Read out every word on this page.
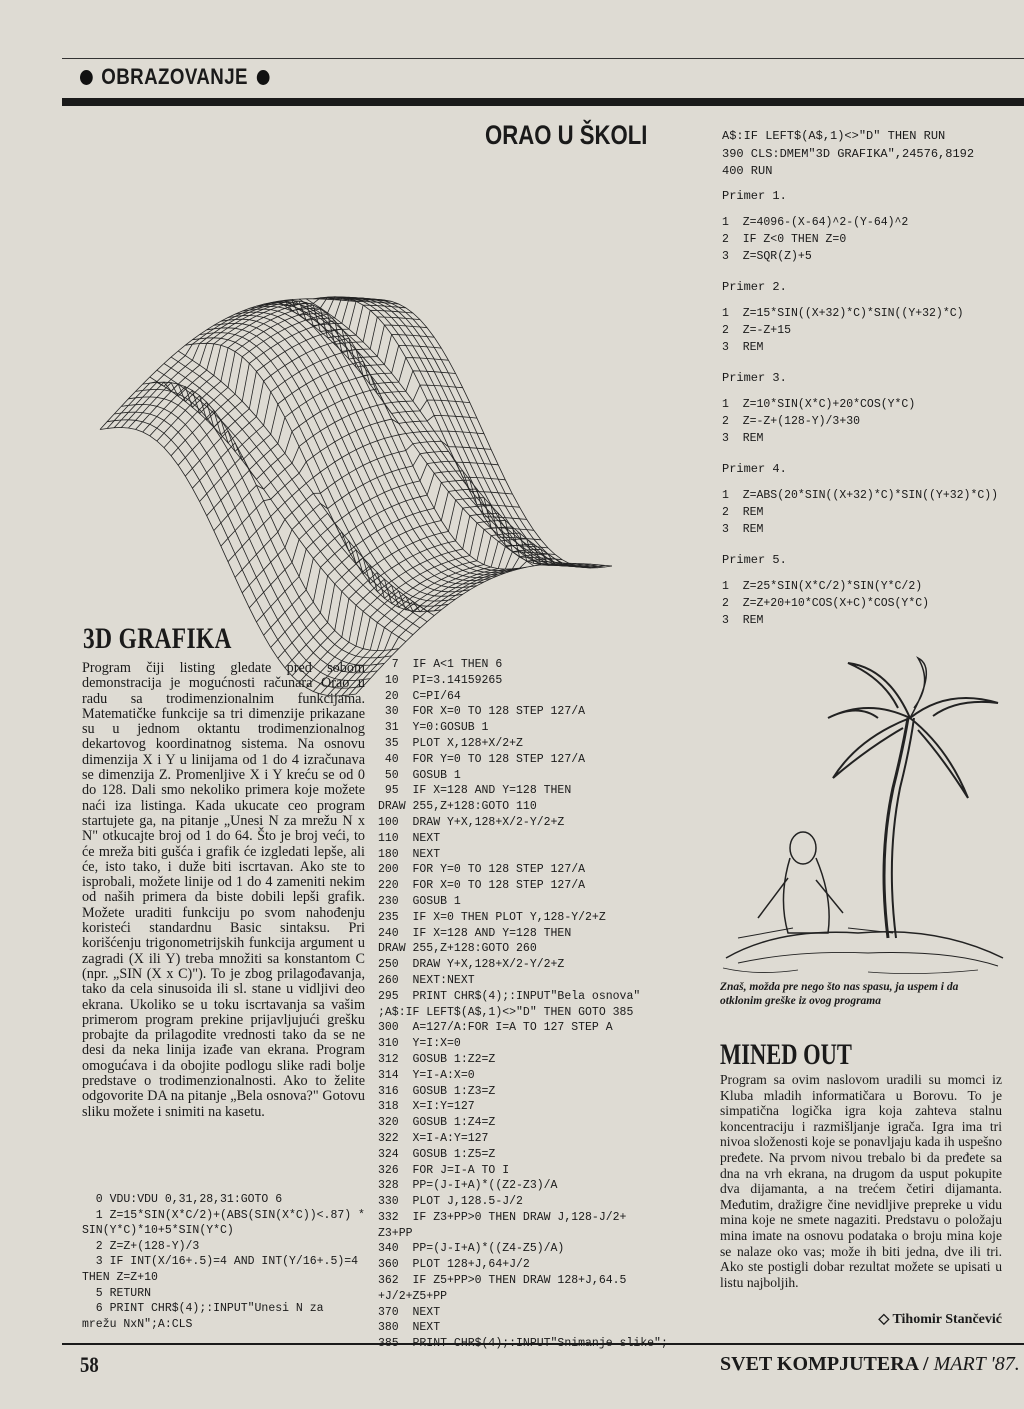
OBRAZOVANJE
ORAO U ŠKOLI
3D GRAFIKA
Program čiji listing gledate pred sobom demonstracija je mogućnosti računara Orao u radu sa trodimenzionalnim funkcijama. Matematičke funkcije sa tri dimenzije prikazane su u jednom oktantu trodimenzionalnog dekartovog koordinatnog sistema. Na osnovu dimenzija X i Y u linijama od 1 do 4 izračunava se dimenzija Z. Promenljive X i Y kreću se od 0 do 128. Dali smo nekoliko primera koje možete naći iza listinga. Kada ukucate ceo program startujete ga, na pitanje „Unesi N za mrežu N x N" otkucajte broj od 1 do 64. Što je broj veći, to će mreža biti gušća i grafik će izgledati lepše, ali će, isto tako, i duže biti iscrtavan. Ako ste to isprobali, možete linije od 1 do 4 zameniti nekim od naših primera da biste dobili lepši grafik. Možete uraditi funkciju po svom nahođenju koristeći standardnu Basic sintaksu. Pri korišćenju trigonometrijskih funkcija argument u zagradi (X ili Y) treba množiti sa konstantom C (npr. „SIN (X x C)"). To je zbog prilagođavanja, tako da cela sinusoida ili sl. stane u vidljivi deo ekrana. Ukoliko se u toku iscrtavanja sa vašim primerom program prekine prijavljujući grešku probajte da prilagodite vrednosti tako da se ne desi da neka linija izađe van ekrana. Program omogućava i da obojite podlogu slike radi bolje predstave o trodimenzionalnosti. Ako to želite odgovorite DA na pitanje „Bela osnova?" Gotovu sliku možete i snimiti na kasetu.
0 VDU:VDU 0,31,28,31:GOTO 6
1 Z=15*SIN(X*C/2)+(ABS(SIN(X*C))<.87) *
SIN(Y*C)*10+5*SIN(Y*C)
2 Z=Z+(128-Y)/3
3 IF INT(X/16+.5)=4 AND INT(Y/16+.5)=4
THEN Z=Z+10
5 RETURN
6 PRINT CHR$(4);:INPUT"Unesi N za
mrežu NxN";A:CLS
7  IF A<1 THEN 6
10  PI=3.14159265
20  C=PI/64
30  FOR X=0 TO 128 STEP 127/A
31  Y=0:GOSUB 1
35  PLOT X,128+X/2+Z
40  FOR Y=0 TO 128 STEP 127/A
50  GOSUB 1
95  IF X=128 AND Y=128 THEN
DRAW 255,Z+128:GOTO 110
100  DRAW Y+X,128+X/2-Y/2+Z
110  NEXT
180  NEXT
200  FOR Y=0 TO 128 STEP 127/A
220  FOR X=0 TO 128 STEP 127/A
230  GOSUB 1
235  IF X=0 THEN PLOT Y,128-Y/2+Z
240  IF X=128 AND Y=128 THEN
DRAW 255,Z+128:GOTO 260
250  DRAW Y+X,128+X/2-Y/2+Z
260  NEXT:NEXT
295  PRINT CHR$(4);:INPUT"Bela osnova"
;A$:IF LEFT$(A$,1)<>"D" THEN GOTO 385
300  A=127/A:FOR I=A TO 127 STEP A
310  Y=I:X=0
312  GOSUB 1:Z2=Z
314  Y=I-A:X=0
316  GOSUB 1:Z3=Z
318  X=I:Y=127
320  GOSUB 1:Z4=Z
322  X=I-A:Y=127
324  GOSUB 1:Z5=Z
326  FOR J=I-A TO I
328  PP=(J-I+A)*((Z2-Z3)/A
330  PLOT J,128.5-J/2
332  IF Z3+PP>0 THEN DRAW J,128-J/2+
Z3+PP
340  PP=(J-I+A)*((Z4-Z5)/A)
360  PLOT 128+J,64+J/2
362  IF Z5+PP>0 THEN DRAW 128+J,64.5
+J/2+Z5+PP
370  NEXT
380  NEXT
A$:IF LEFT$(A$,1)<>"D" THEN RUN
390 CLS:DMEM"3D GRAFIKA",24576,8192
400 RUN
Primer 1.
1  Z=4096-(X-64)^2-(Y-64)^2
2  IF Z<0 THEN Z=0
3  Z=SQR(Z)+5
Primer 2.
1  Z=15*SIN((X+32)*C)*SIN((Y+32)*C)
2  Z=-Z+15
3  REM
Primer 3.
1  Z=10*SIN(X*C)+20*COS(Y*C)
2  Z=-Z+(128-Y)/3+30
3  REM
Primer 4.
1  Z=ABS(20*SIN((X+32)*C)*SIN((Y+32)*C))
2  REM
3  REM
Primer 5.
1  Z=25*SIN(X*C/2)*SIN(Y*C/2)
2  Z=Z+20+10*COS(X+C)*COS(Y*C)
3  REM
Znaš, možda pre nego što nas spasu, ja uspem i da otklonim greške iz ovog programa
MINED OUT
Program sa ovim naslovom uradili su momci iz Kluba mladih informatičara u Borovu. To je simpatična logička igra koja zahteva stalnu koncentraciju i razmišljanje igrača. Igra ima tri nivoa složenosti koje se ponavljaju kada ih uspešno pređete. Na prvom nivou trebalo bi da pređete sa dna na vrh ekrana, na drugom da usput pokupite dva dijamanta, a na trećem četiri dijamanta. Međutim, dražigre čine nevidljive prepreke u vidu mina koje ne smete nagaziti. Predstavu o položaju mina imate na osnovu podataka o broju mina koje se nalaze oko vas; može ih biti jedna, dve ili tri. Ako ste postigli dobar rezultat možete se upisati u listu najboljih.
◇ Tihomir Stančević
58	SVET KOMPJUTERA / MART '87.
